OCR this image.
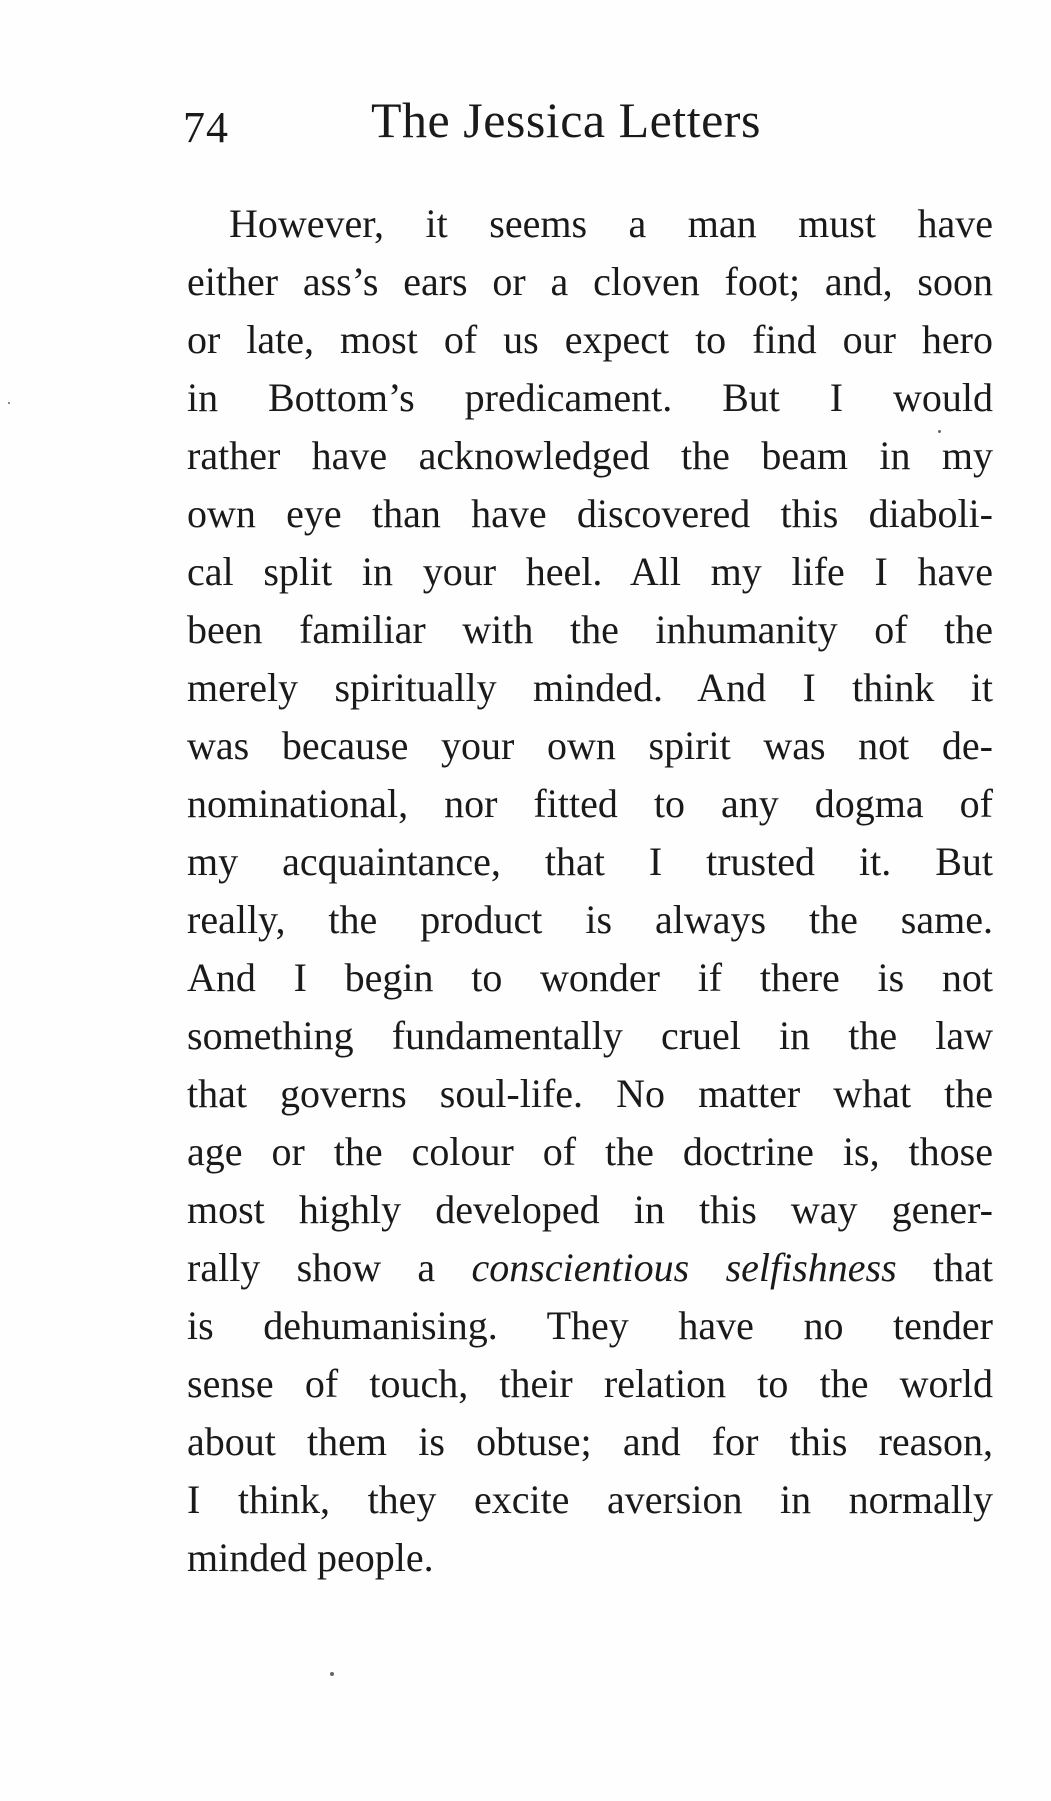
74	The Jessica Letters
However, it seems a man must have
either ass’s ears or a cloven foot; and, soon
or late, most of us expect to find our hero
in Bottom’s predicament. But I would
rather have acknowledged the beam in my
own eye than have discovered this diaboli-
cal split in your heel. All my life I have
been familiar with the inhumanity of the
merely spiritually minded. And I think it
was because your own spirit was not de-
nominational, nor fitted to any dogma of
my acquaintance, that I trusted it. But
really, the product is always the same.
And I begin to wonder if there is not
something fundamentally cruel in the law
that governs soul-life. No matter what the
age or the colour of the doctrine is, those
most highly developed in this way gener-
rally show a conscientious selfishness that
is dehumanising. They have no tender
sense of touch, their relation to the world
about them is obtuse; and for this reason,
I think, they excite aversion in normally
minded people.
